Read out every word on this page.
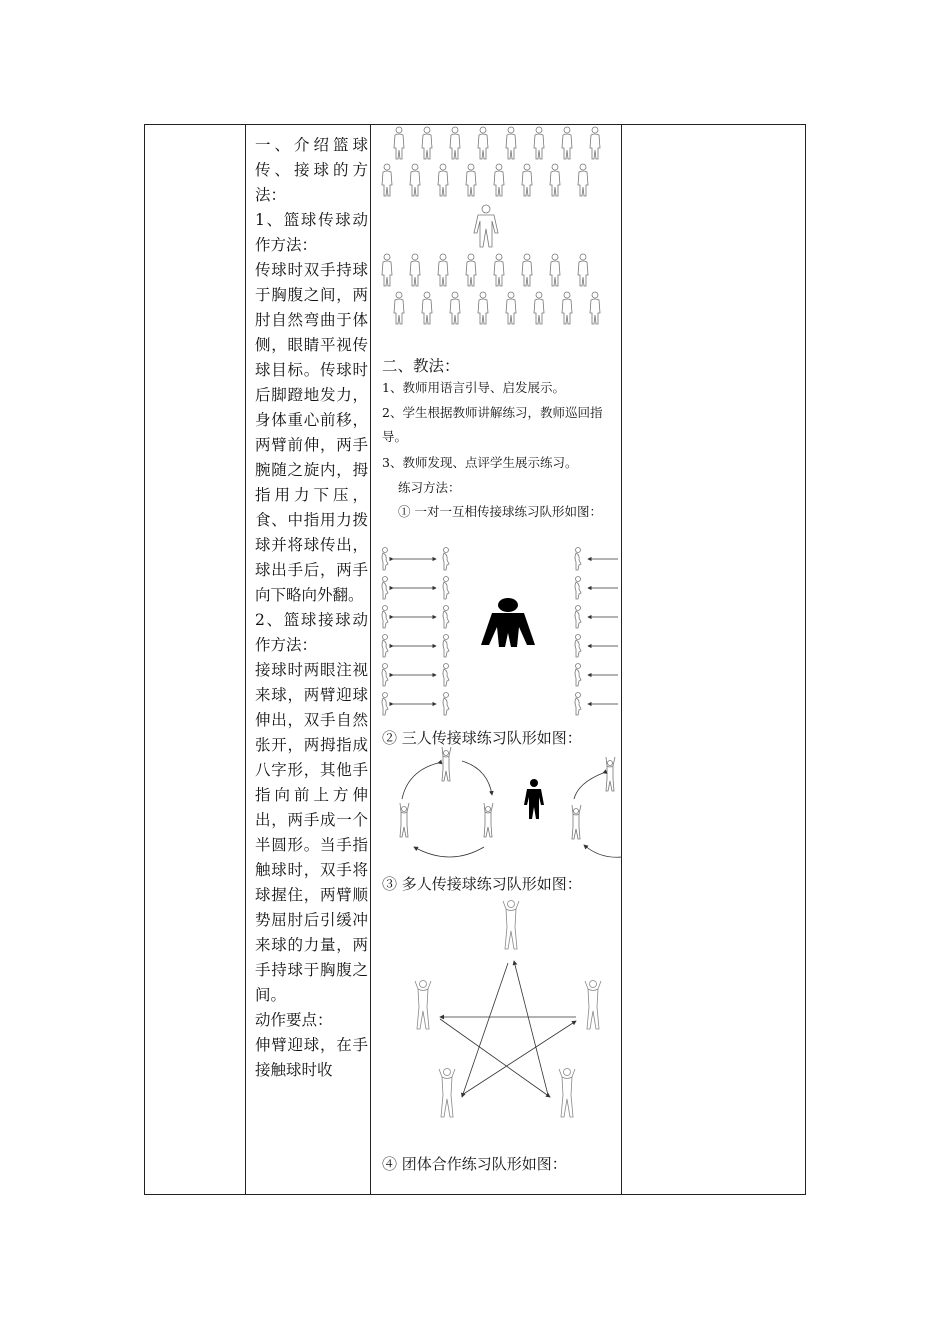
一、介绍篮球传、接球的方法：

1、篮球传球动作方法：

传球时双手持球于胸腹之间，两肘自然弯曲于体侧，眼睛平视传球目标。传球时后脚蹬地发力，身体重心前移，两臂前伸，两手腕随之旋内，拇指用力下压，食、中指用力拨球并将球传出，球出手后，两手向下略向外翻。

2、篮球接球动作方法：

接球时两眼注视来球，两臂迎球伸出，双手自然张开，两拇指成八字形，其他手指向前上方伸出，两手成一个半圆形。当手指触球时，双手将球握住，两臂顺势屈肘后引缓冲来球的力量，两手持球于胸腹之间。

动作要点：

伸臂迎球，在手接触球时收

二、教法：
1、教师用语言引导、启发展示。
2、学生根据教师讲解练习，教师巡回指导。
3、教师发现、点评学生展示练习。
练习方法：
① 一对一互相传接球练习队形如图：
② 三人传接球练习队形如图：
③ 多人传接球练习队形如图：
④ 团体合作练习队形如图：
